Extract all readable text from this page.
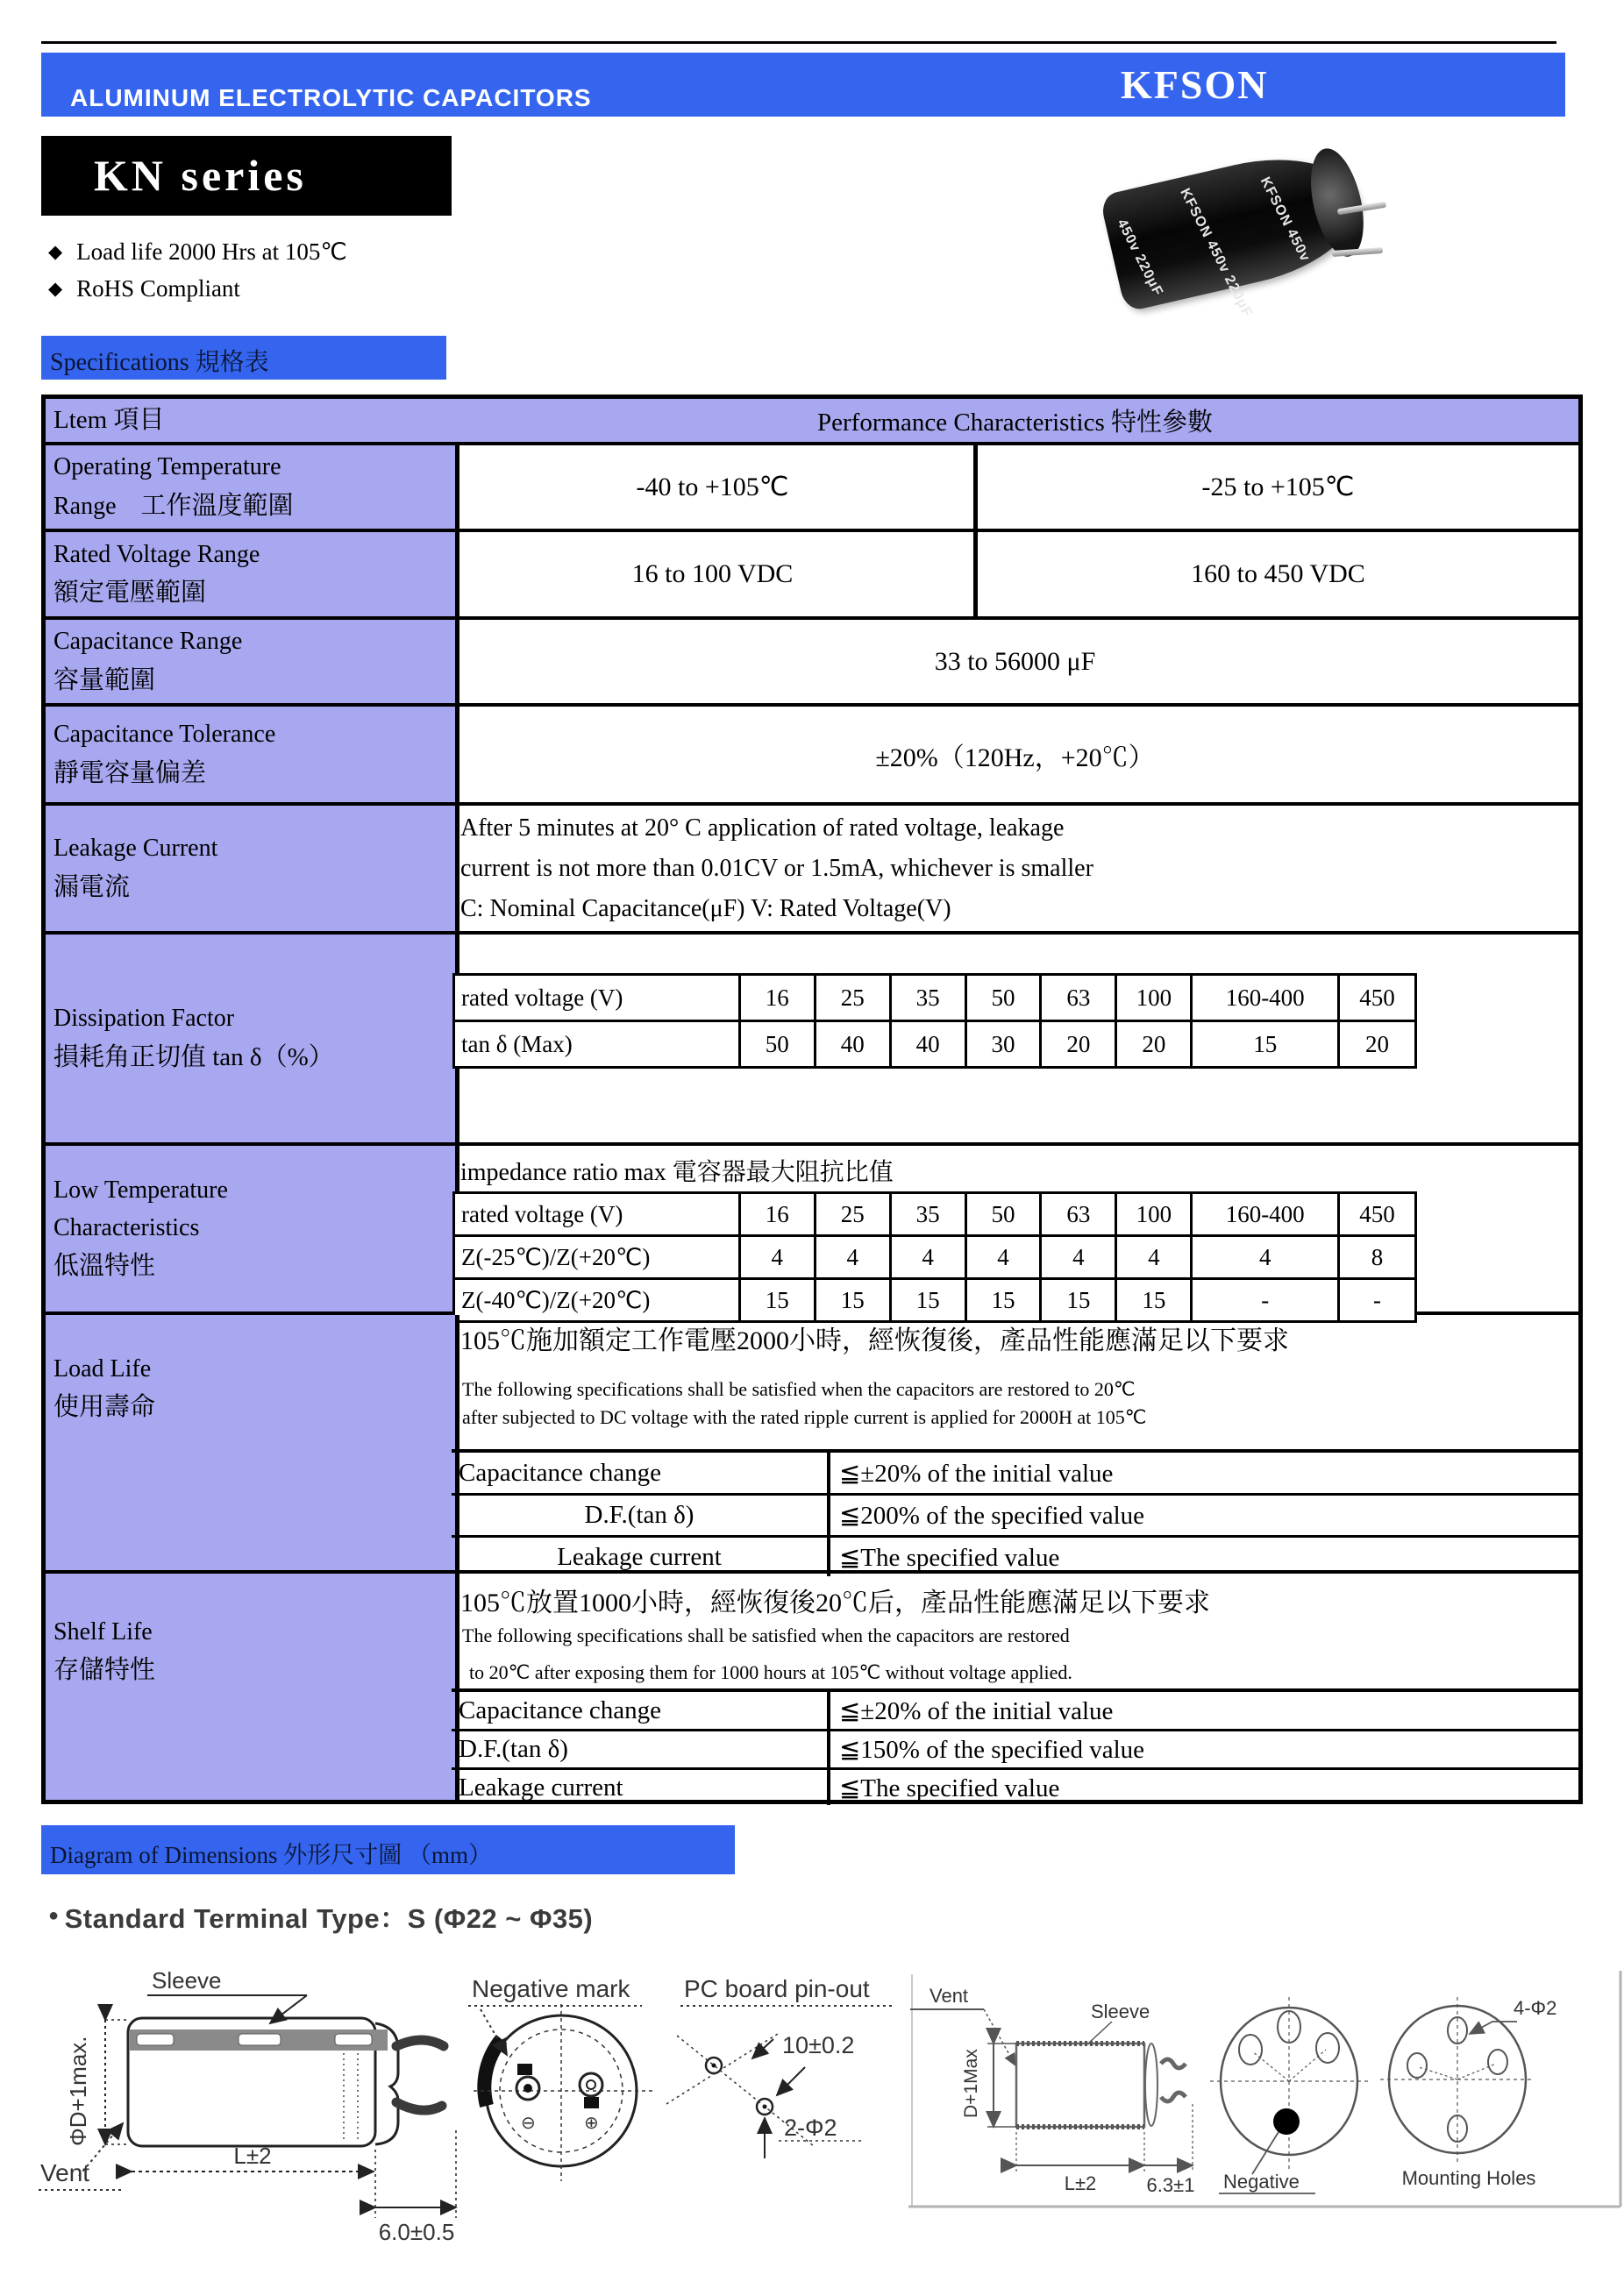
ALUMINUM ELECTROLYTIC CAPACITORS	KFSON
KN series
◆ Load life 2000 Hrs at 105℃
◆ RoHS Compliant	450v 220μF KFSON 450v 220μF KFSON 450v
Specifications 規格表
Ltem 項目	Performance Characteristics 特性參數
Operating Temperature
Range 工作溫度範圍
-40 to +105℃	-25 to +105℃
Rated Voltage Range
額定電壓範圍
16 to 100 VDC	160 to 450 VDC
Capacitance Range
容量範圍
33 to 56000 μF
Capacitance Tolerance
靜電容量偏差
±20%（120Hz，+20℃）
Leakage Current
漏電流
After 5 minutes at 20° C application of rated voltage, leakage
current is not more than 0.01CV or 1.5mA, whichever is smaller
C: Nominal Capacitance(μF) V: Rated Voltage(V)
Dissipation Factor
損耗角正切值 tan δ（%）
rated voltage (V)	16	25	35	50	63	100	160-400	450
tan δ (Max)	50	40	40	30	20	20	15	20
Low Temperature
Characteristics
低溫特性
impedance ratio max 電容器最大阻抗比值
rated voltage (V)	16	25	35	50	63	100	160-400	450
Z(-25℃)/Z(+20℃)	4	4	4	4	4	4	4	8
Z(-40℃)/Z(+20℃)	15	15	15	15	15	15	-	-
Load Life
使用壽命
105℃施加額定工作電壓2000小時，經恢復後，產品性能應滿足以下要求
The following specifications shall be satisfied when the capacitors are restored to 20℃
after subjected to DC voltage with the rated ripple current is applied for 2000H at 105℃
Capacitance change	≦±20% of the initial value
D.F.(tan δ)	≦200% of the specified value
Leakage current	≦The specified value
Shelf Life
存儲特性
105℃放置1000小時，經恢復後20℃后，產品性能應滿足以下要求
The following specifications shall be satisfied when the capacitors are restored
to 20℃ after exposing them for 1000 hours at 105℃ without voltage applied.
Capacitance change	≦±20% of the initial value
D.F.(tan δ)	≦150% of the specified value
Leakage current	≦The specified value
Diagram of Dimensions 外形尺寸圖 （mm）
● Standard Terminal Type：S (Φ22 ~ Φ35)
Sleeve
ΦD+1max.
Vent
L±2
6.0±0.5
⊖	⊕
Negative mark PC board pin-out
10±0.2
2-Φ2
Vent
Sleeve
D+1Max
L±2	6.3±1 Negative
4-Φ2
Mounting Holes
